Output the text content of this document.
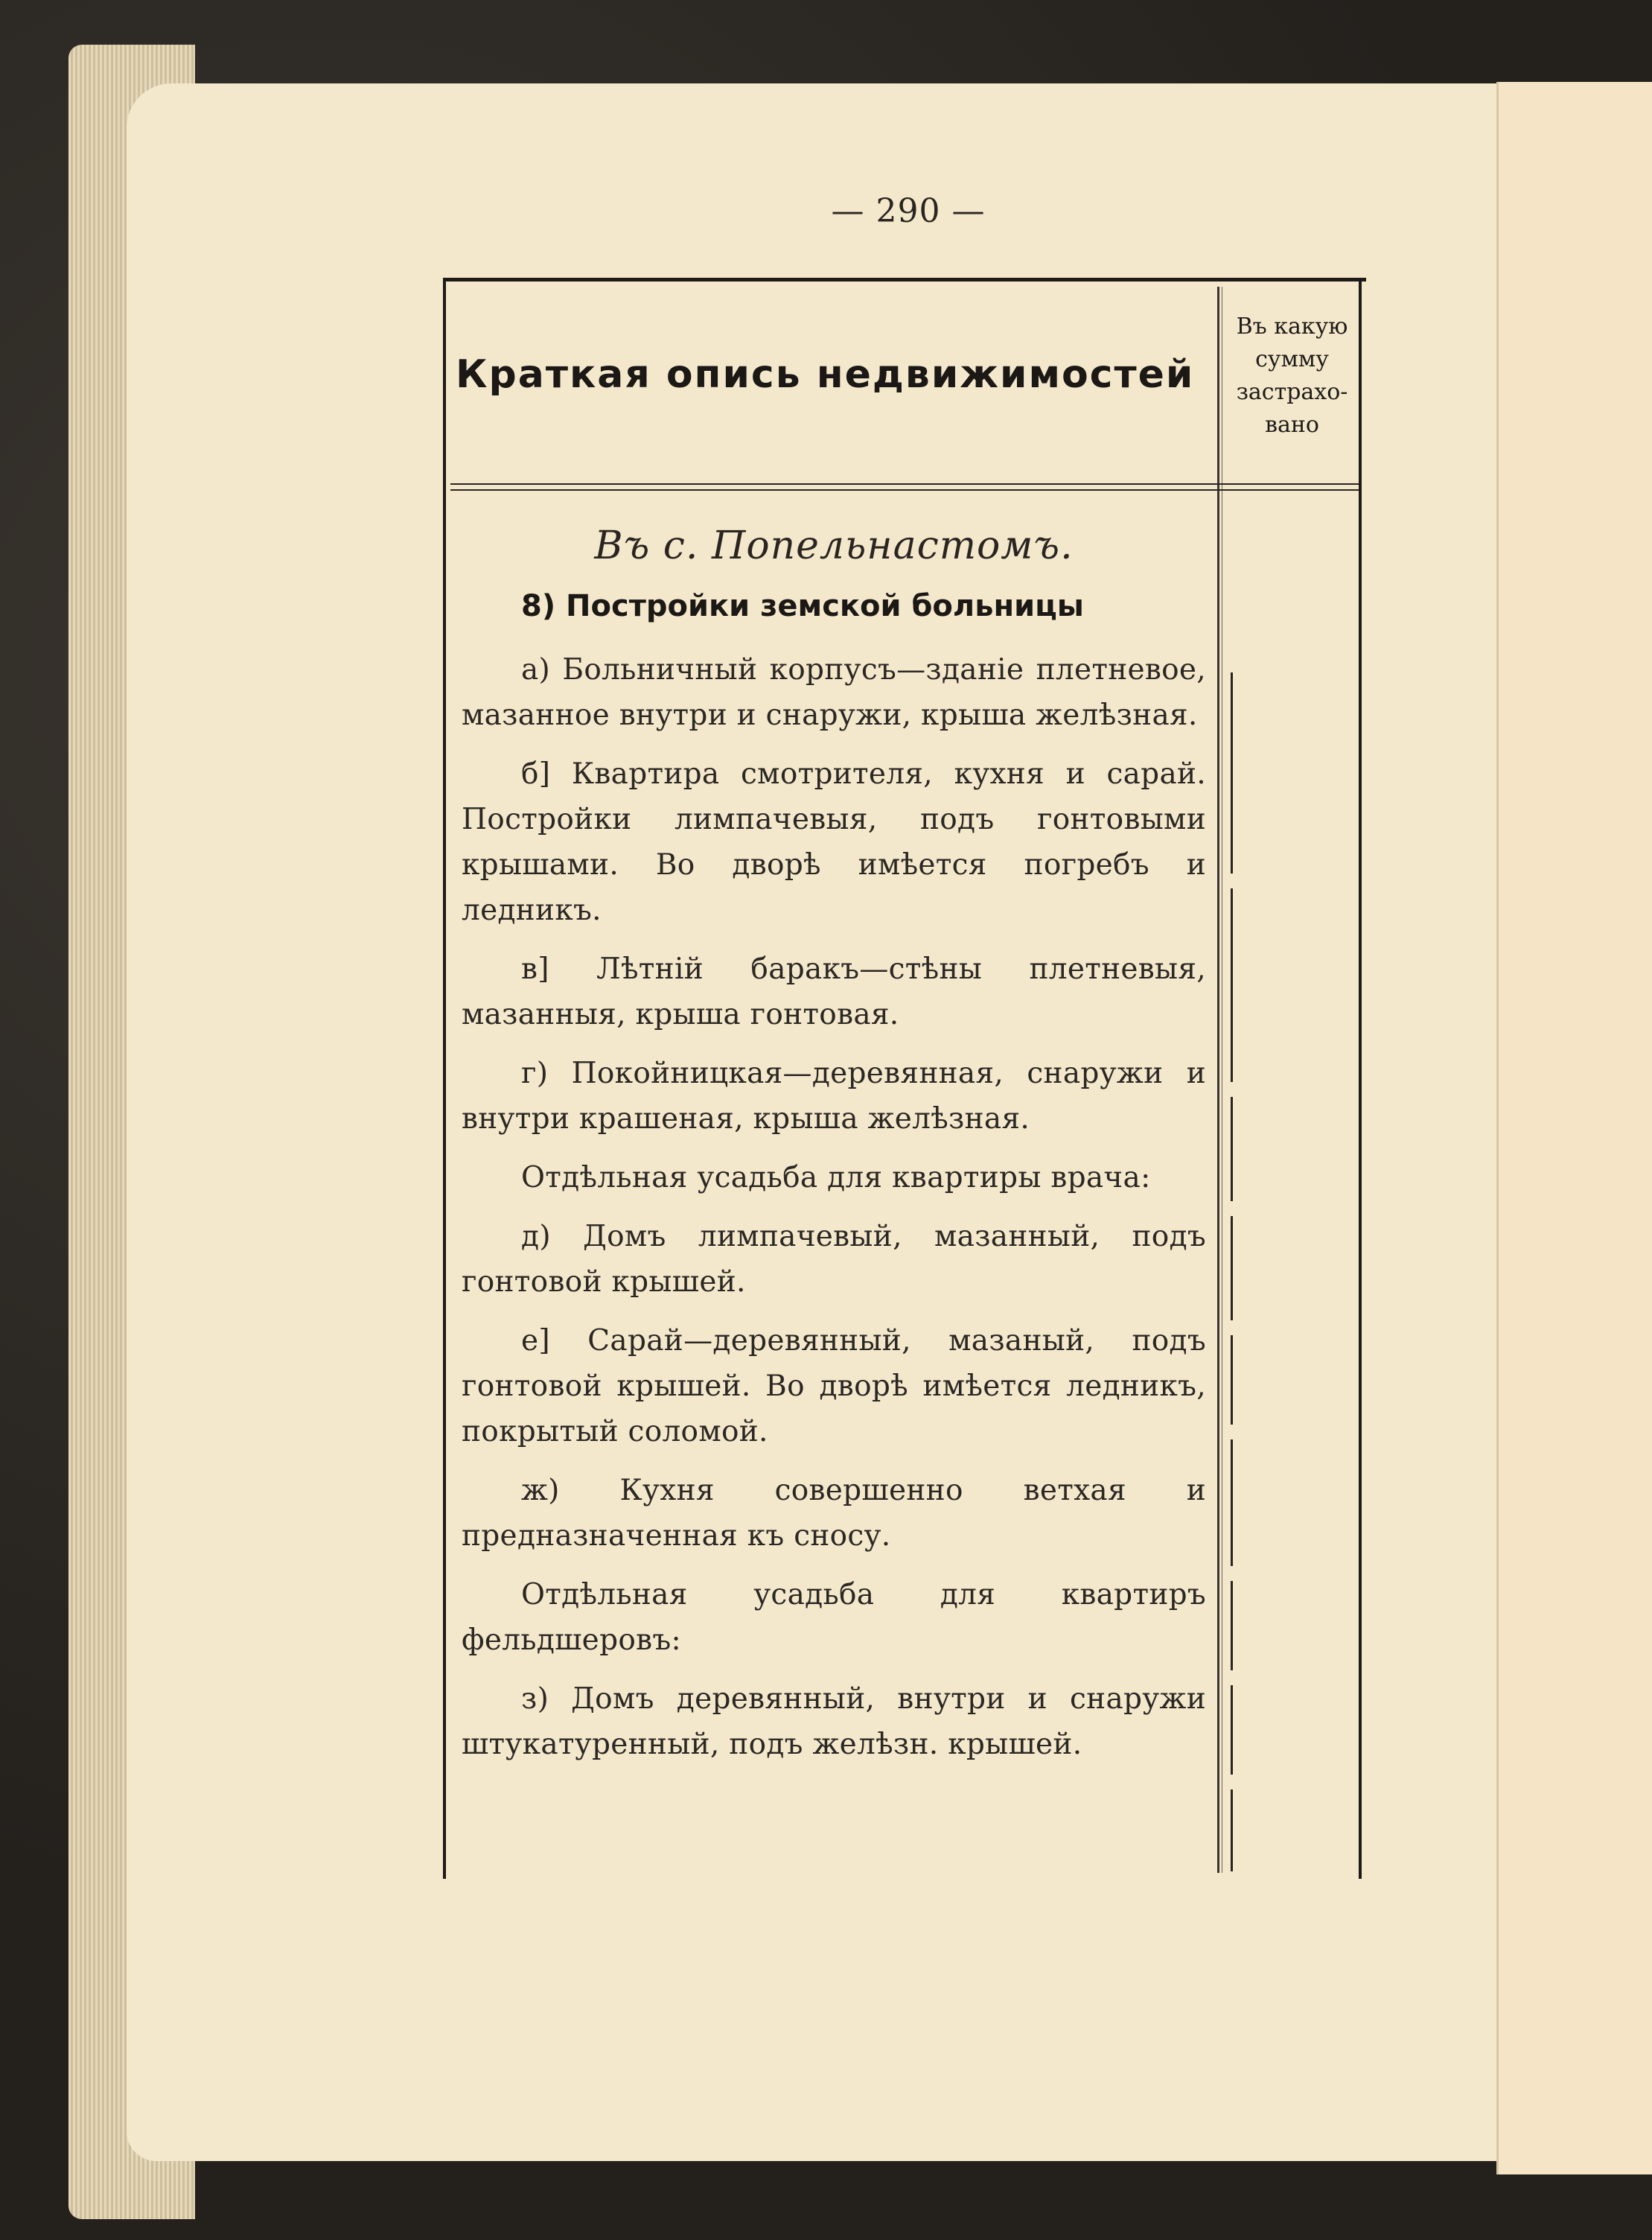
— 290 —
Краткая опись недвижимостей
Въ какую
сумму
застрахо-
вано
Въ с. Попельнастомъ.
8) Постройки земской больницы

а) Больничный корпусъ—зданіе плетневое, мазанное внутри и снаружи, крыша желѣзная.

б] Квартира смотрителя, кухня и сарай. Постройки лимпачевыя, подъ гонтовыми крышами. Во дворѣ имѣется погребъ и ледникъ.

в] Лѣтній баракъ—стѣны плетневыя, мазанныя, крыша гонтовая.

г) Покойницкая—деревянная, снаружи и внутри крашеная, крыша желѣзная.

Отдѣльная усадьба для квартиры врача:

д) Домъ лимпачевый, мазанный, подъ гонтовой крышей.

е] Сарай—деревянный, мазаный, подъ гонтовой крышей. Во дворѣ имѣется ледникъ, покрытый соломой.

ж) Кухня совершенно ветхая и предназначенная къ сносу.

Отдѣльная усадьба для квартиръ фельдшеровъ:

з) Домъ деревянный, внутри и снаружи штукатуренный, подъ желѣзн. крышей.
